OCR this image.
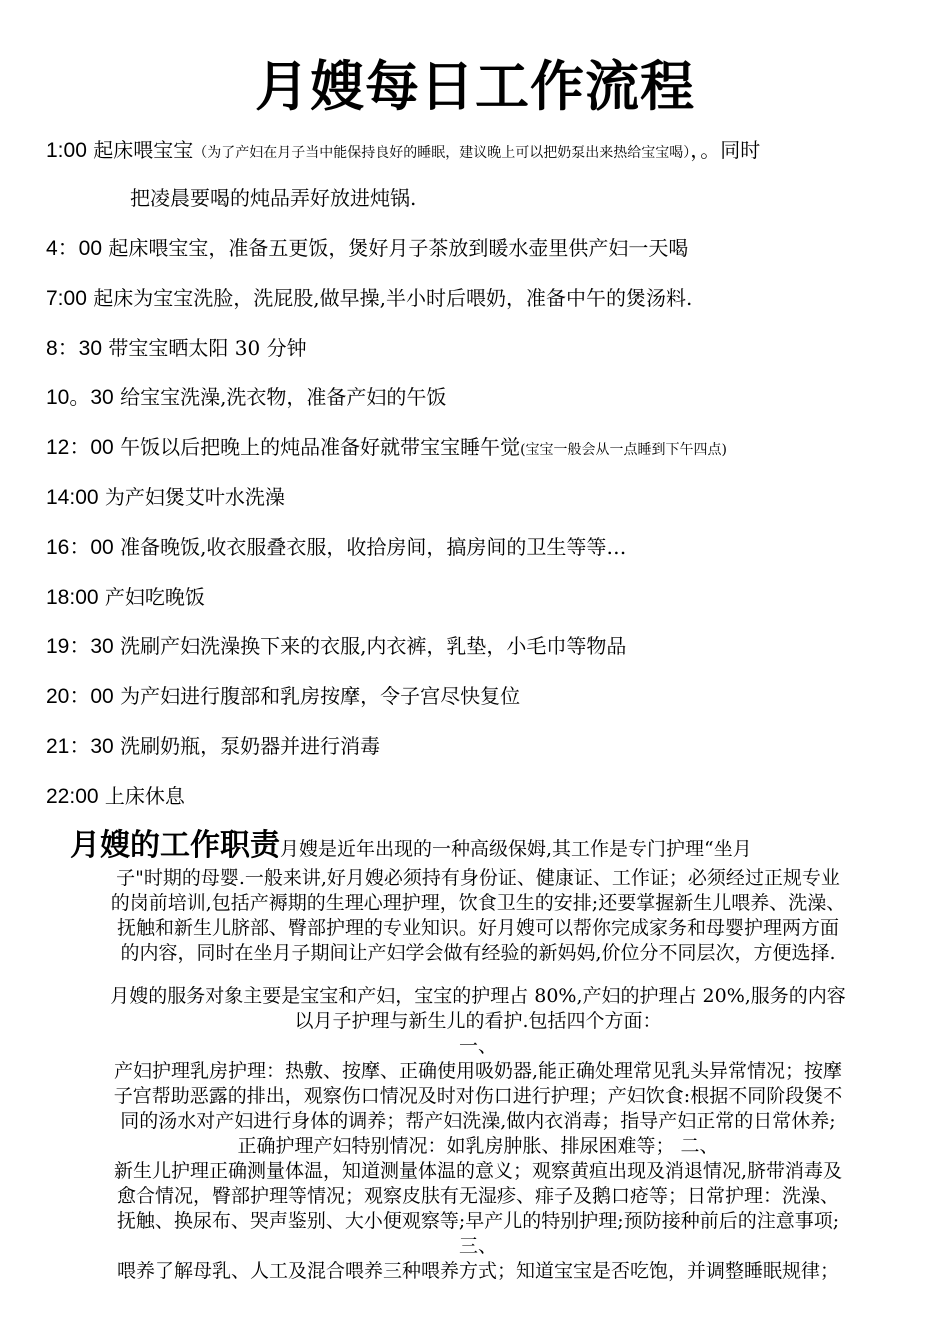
月嫂每日工作流程
1:00 起床喂宝宝（为了产妇在月子当中能保持良好的睡眠，建议晚上可以把奶泵出来热给宝宝喝），。同时
把凌晨要喝的炖品弄好放进炖锅.
4：00 起床喂宝宝，准备五更饭，煲好月子茶放到暖水壶里供产妇一天喝
7:00 起床为宝宝洗脸，洗屁股,做早操,半小时后喂奶，准备中午的煲汤料.
8：30 带宝宝晒太阳 30 分钟
10。30 给宝宝洗澡,洗衣物，准备产妇的午饭
12：00 午饭以后把晚上的炖品准备好就带宝宝睡午觉(宝宝一般会从一点睡到下午四点)
14:00 为产妇煲艾叶水洗澡
16：00 准备晚饭,收衣服叠衣服，收拾房间，搞房间的卫生等等…
18:00 产妇吃晚饭
19：30 洗刷产妇洗澡换下来的衣服,内衣裤，乳垫，小毛巾等物品
20：00 为产妇进行腹部和乳房按摩，令子宫尽快复位
21：30 洗刷奶瓶，泵奶器并进行消毒
22:00 上床休息

月嫂的工作职责月嫂是近年出现的一种高级保姆,其工作是专门护理“坐月

子"时期的母婴.一般来讲,好月嫂必须持有身份证、健康证、工作证；必须经过正规专业

的岗前培训,包括产褥期的生理心理护理，饮食卫生的安排;还要掌握新生儿喂养、洗澡、

抚触和新生儿脐部、臀部护理的专业知识。好月嫂可以帮你完成家务和母婴护理两方面

的内容，同时在坐月子期间让产妇学会做有经验的新妈妈,价位分不同层次，方便选择.

月嫂的服务对象主要是宝宝和产妇，宝宝的护理占 80%,产妇的护理占 20%,服务的内容

以月子护理与新生儿的看护.包括四个方面：

一、

产妇护理乳房护理：热敷、按摩、正确使用吸奶器,能正确处理常见乳头异常情况；按摩

子宫帮助恶露的排出，观察伤口情况及时对伤口进行护理；产妇饮食:根据不同阶段煲不

同的汤水对产妇进行身体的调养；帮产妇洗澡,做内衣消毒；指导产妇正常的日常休养;

正确护理产妇特别情况：如乳房肿胀、排尿困难等； 二、

新生儿护理正确测量体温，知道测量体温的意义；观察黄疸出现及消退情况,脐带消毒及

愈合情况，臀部护理等情况；观察皮肤有无湿疹、痱子及鹅口疮等；日常护理：洗澡、

抚触、换尿布、哭声鉴别、大小便观察等;早产儿的特别护理;预防接种前后的注意事项;

三、

喂养了解母乳、人工及混合喂养三种喂养方式；知道宝宝是否吃饱，并调整睡眠规律；
